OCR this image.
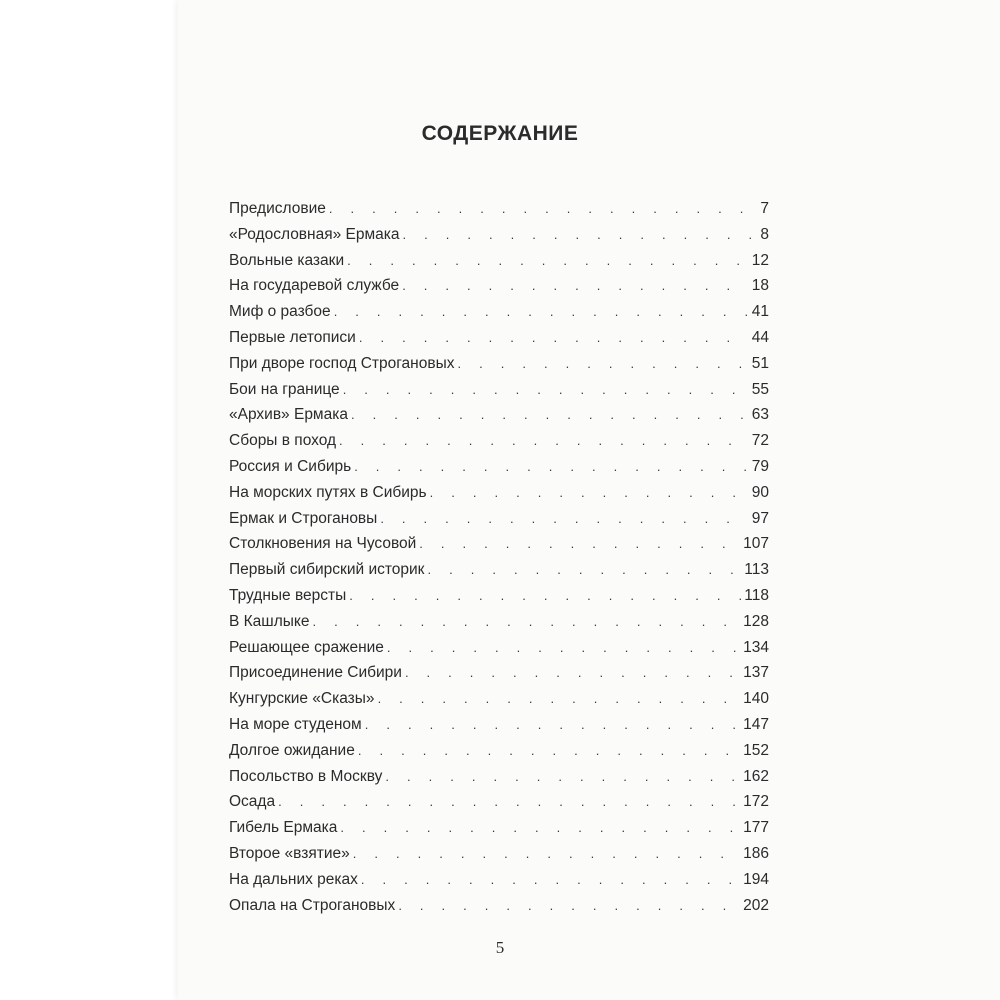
СОДЕРЖАНИЕ
Предисловие . . .	7
«Родословная» Ермака . . .	8
Вольные казаки . . .	12
На государевой службе . . .	18
Миф о разбое . . .	41
Первые летописи . . .	44
При дворе господ Строгановых . . .	51
Бои на границе . . .	55
«Архив» Ермака . . .	63
Сборы в поход . . .	72
Россия и Сибирь . . .	79
На морских путях в Сибирь . . .	90
Ермак и Строгановы . . .	97
Столкновения на Чусовой . . .	107
Первый сибирский историк . . .	113
Трудные версты . . .	118
В Кашлыке . . .	128
Решающее сражение . . .	134
Присоединение Сибири . . .	137
Кунгурские «Сказы» . . .	140
На море студеном . . .	147
Долгое ожидание . . .	152
Посольство в Москву . . .	162
Осада . . .	172
Гибель Ермака . . .	177
Второе «взятие» . . .	186
На дальних реках . . .	194
Опала на Строгановых . . .	202
5
